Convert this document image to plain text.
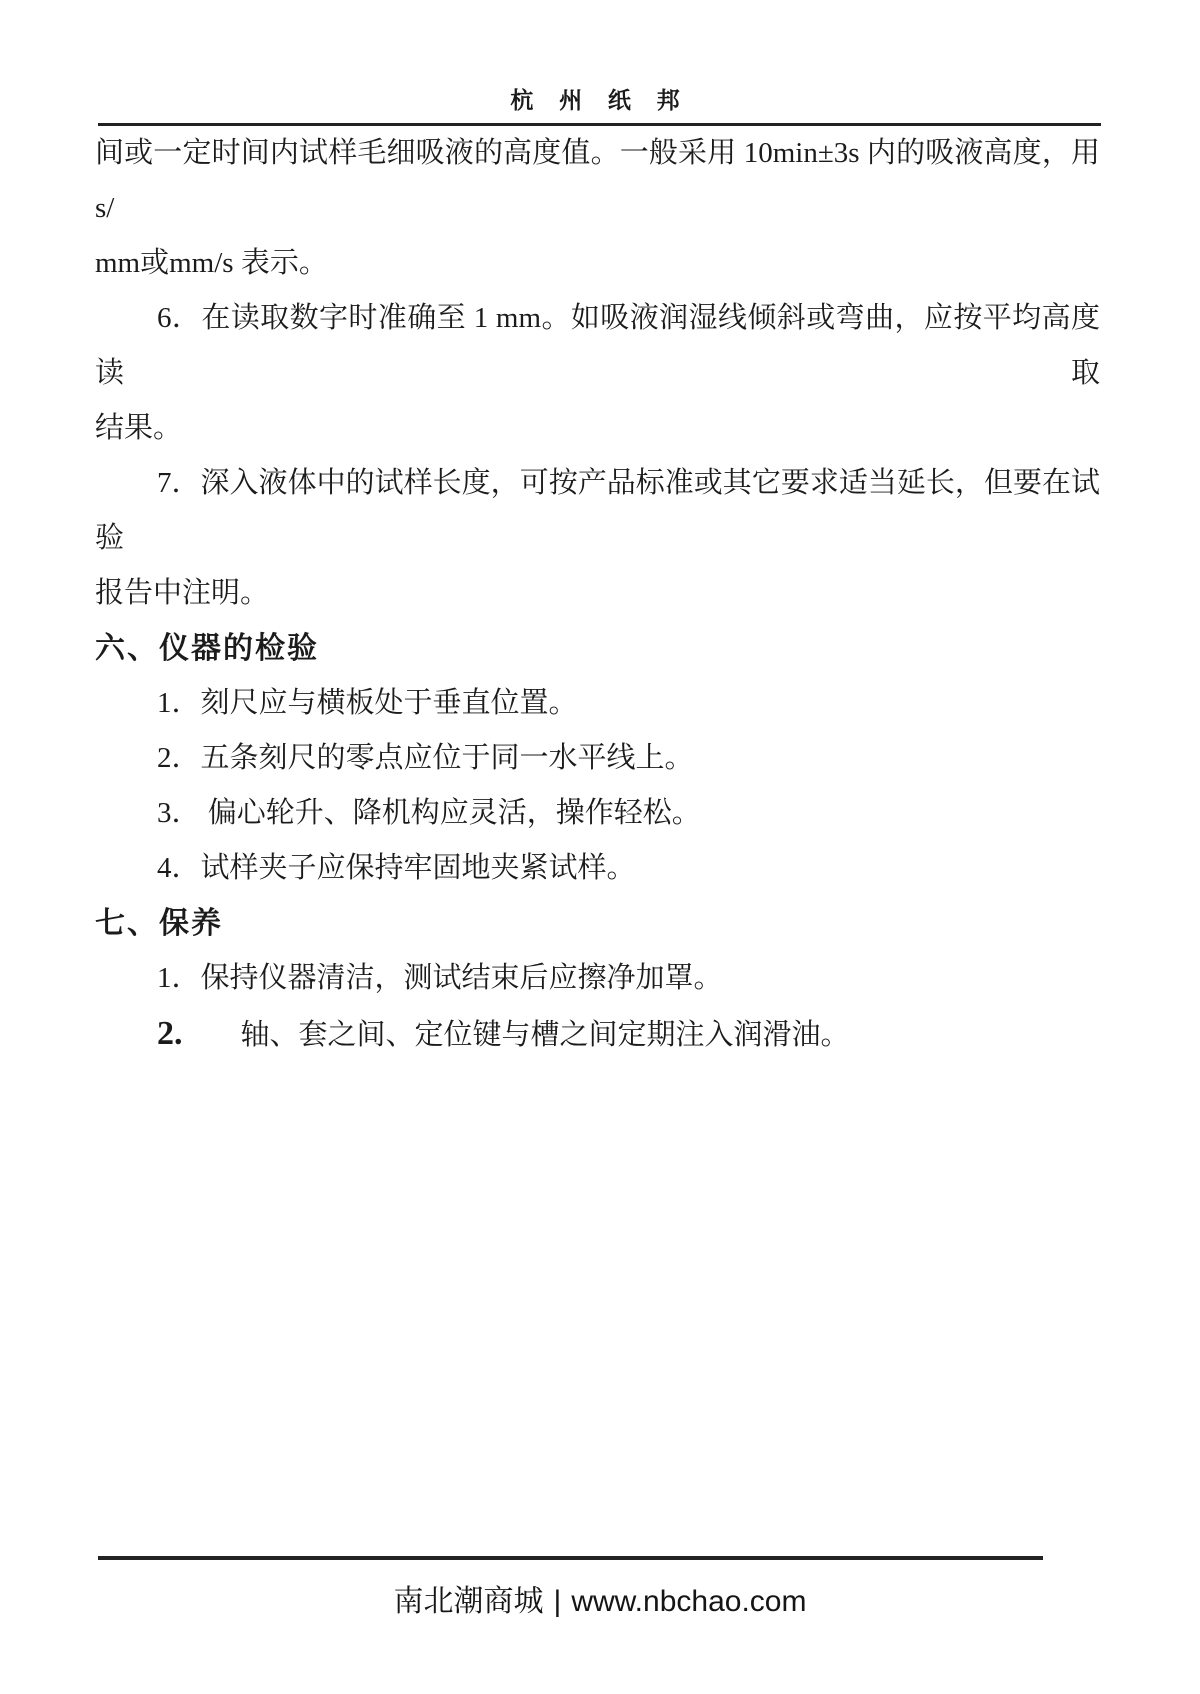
杭 州 纸 邦

间或一定时间内试样毛细吸液的高度值。一般采用 10min±3s 内的吸液高度，用 s/

mm或mm/s 表示。

6．在读取数字时准确至 1 mm。如吸液润湿线倾斜或弯曲，应按平均高度读取

结果。

7．深入液体中的试样长度，可按产品标准或其它要求适当延长，但要在试验

报告中注明。

六、仪器的检验

1．刻尺应与横板处于垂直位置。

2．五条刻尺的零点应位于同一水平线上。

3． 偏心轮升、降机构应灵活，操作轻松。

4．试样夹子应保持牢固地夹紧试样。

七、保养

1．保持仪器清洁，测试结束后应擦净加罩。

2. 轴、套之间、定位键与槽之间定期注入润滑油。

南北潮商城 | www.nbchao.com
